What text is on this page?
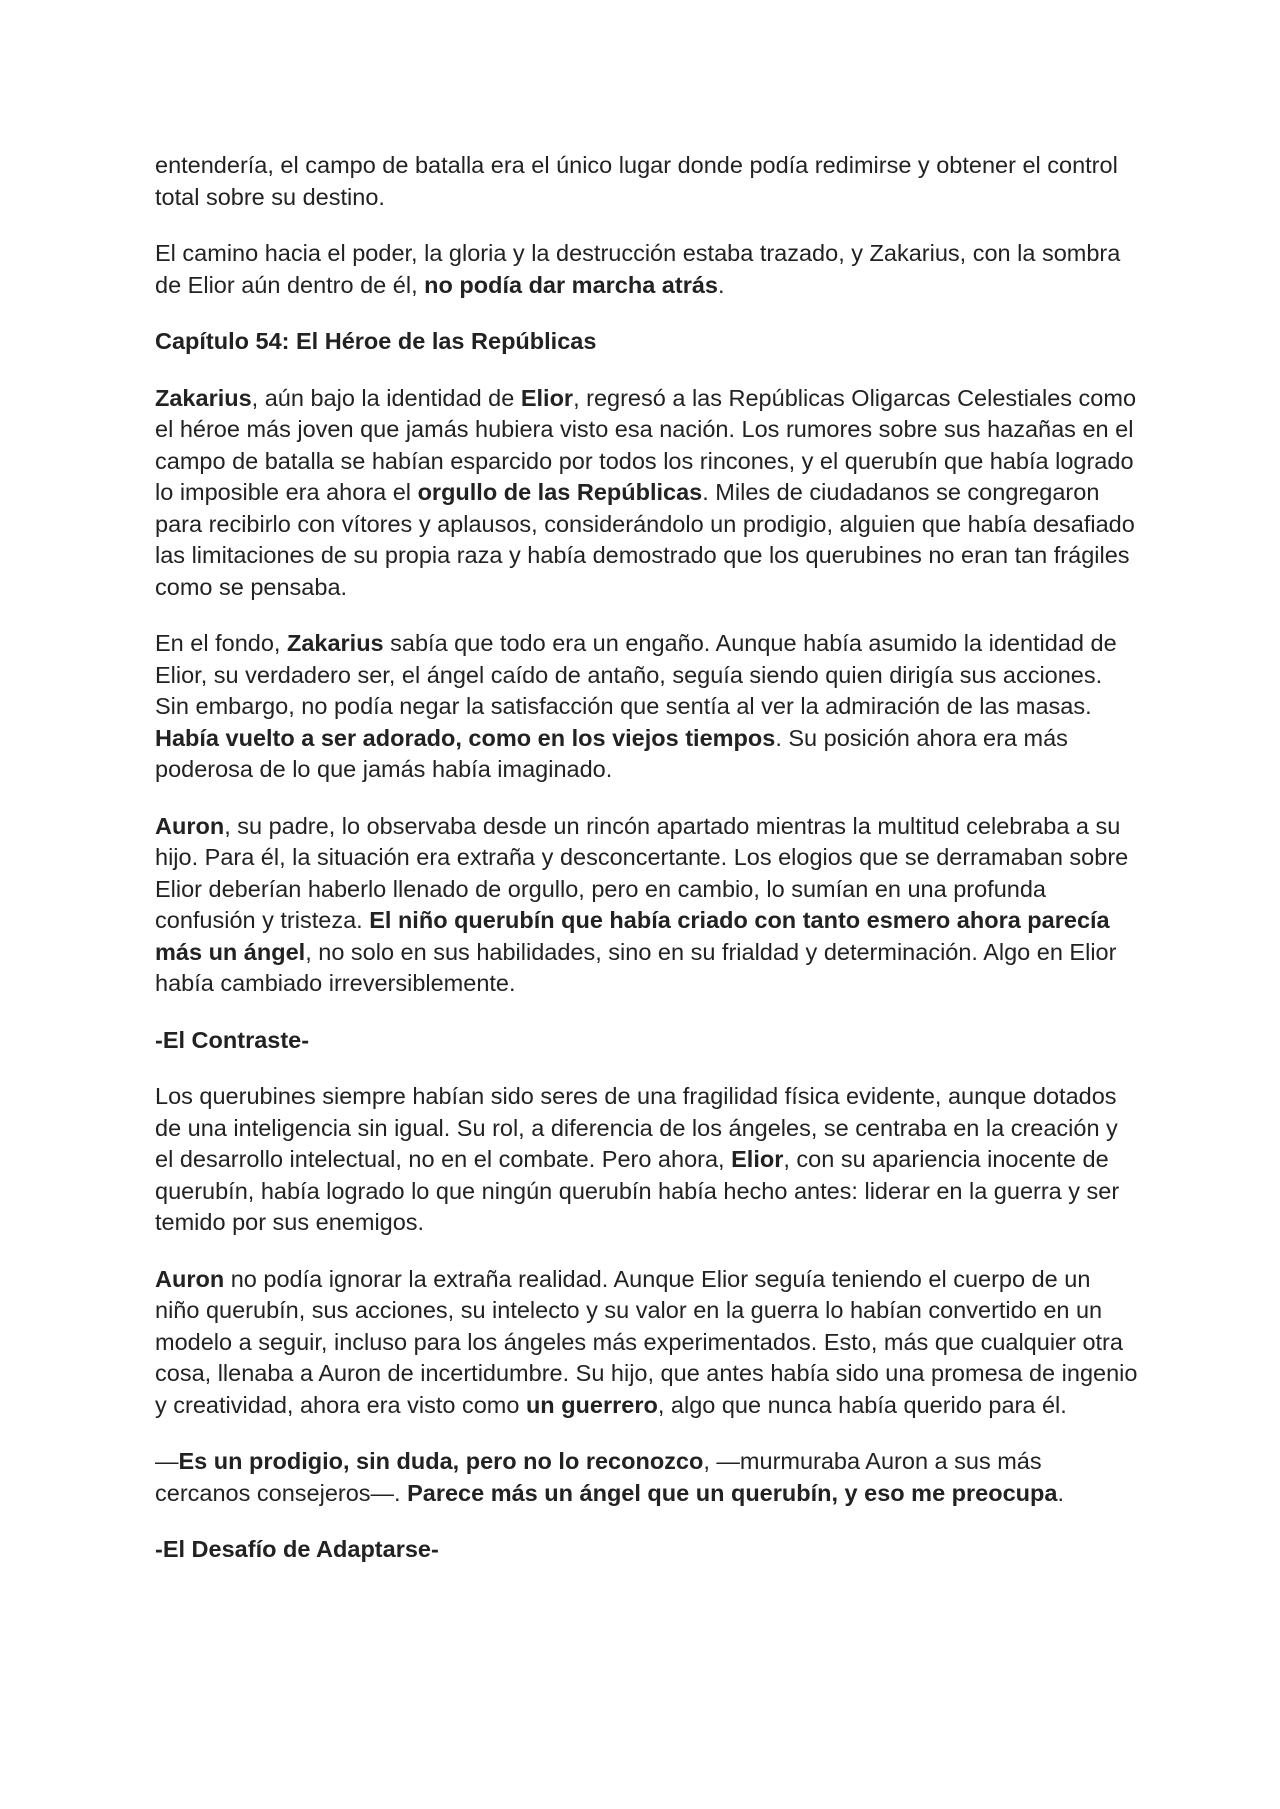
entendería, el campo de batalla era el único lugar donde podía redimirse y obtener el control total sobre su destino.

El camino hacia el poder, la gloria y la destrucción estaba trazado, y Zakarius, con la sombra de Elior aún dentro de él, no podía dar marcha atrás.

Capítulo 54: El Héroe de las Repúblicas

Zakarius, aún bajo la identidad de Elior, regresó a las Repúblicas Oligarcas Celestiales como el héroe más joven que jamás hubiera visto esa nación. Los rumores sobre sus hazañas en el campo de batalla se habían esparcido por todos los rincones, y el querubín que había logrado lo imposible era ahora el orgullo de las Repúblicas. Miles de ciudadanos se congregaron para recibirlo con vítores y aplausos, considerándolo un prodigio, alguien que había desafiado las limitaciones de su propia raza y había demostrado que los querubines no eran tan frágiles como se pensaba.

En el fondo, Zakarius sabía que todo era un engaño. Aunque había asumido la identidad de Elior, su verdadero ser, el ángel caído de antaño, seguía siendo quien dirigía sus acciones. Sin embargo, no podía negar la satisfacción que sentía al ver la admiración de las masas. Había vuelto a ser adorado, como en los viejos tiempos. Su posición ahora era más poderosa de lo que jamás había imaginado.

Auron, su padre, lo observaba desde un rincón apartado mientras la multitud celebraba a su hijo. Para él, la situación era extraña y desconcertante. Los elogios que se derramaban sobre Elior deberían haberlo llenado de orgullo, pero en cambio, lo sumían en una profunda confusión y tristeza. El niño querubín que había criado con tanto esmero ahora parecía más un ángel, no solo en sus habilidades, sino en su frialdad y determinación. Algo en Elior había cambiado irreversiblemente.

-El Contraste-

Los querubines siempre habían sido seres de una fragilidad física evidente, aunque dotados de una inteligencia sin igual. Su rol, a diferencia de los ángeles, se centraba en la creación y el desarrollo intelectual, no en el combate. Pero ahora, Elior, con su apariencia inocente de querubín, había logrado lo que ningún querubín había hecho antes: liderar en la guerra y ser temido por sus enemigos.

Auron no podía ignorar la extraña realidad. Aunque Elior seguía teniendo el cuerpo de un niño querubín, sus acciones, su intelecto y su valor en la guerra lo habían convertido en un modelo a seguir, incluso para los ángeles más experimentados. Esto, más que cualquier otra cosa, llenaba a Auron de incertidumbre. Su hijo, que antes había sido una promesa de ingenio y creatividad, ahora era visto como un guerrero, algo que nunca había querido para él.

—Es un prodigio, sin duda, pero no lo reconozco, —murmuraba Auron a sus más cercanos consejeros—. Parece más un ángel que un querubín, y eso me preocupa.

-El Desafío de Adaptarse-
